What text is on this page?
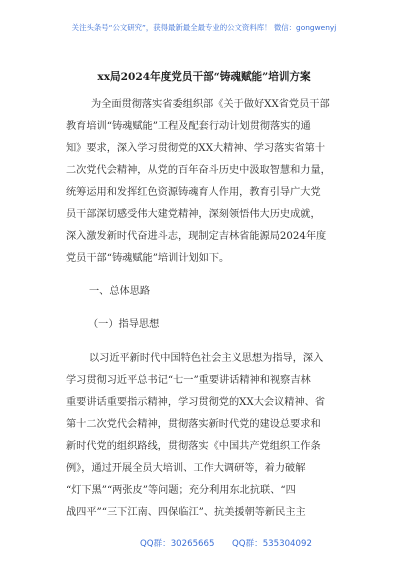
关注头条号“公文研究”，获得最新最全最专业的公文资料库！ 微信：gongwenyj
xx局2024年度党员干部“铸魂赋能”培训方案
为全面贯彻落实省委组织部《关于做好XX省党员干部
教育培训“铸魂赋能”工程及配套行动计划贯彻落实的通
知》要求，深入学习贯彻党的XX大精神、学习落实省第十
二次党代会精神，从党的百年奋斗历史中汲取智慧和力量，
统筹运用和发挥红色资源铸魂育人作用，教育引导广大党
员干部深切感受伟大建党精神，深刻领悟伟大历史成就，
深入激发新时代奋进斗志，现制定吉林省能源局2024年度
党员干部“铸魂赋能”培训计划如下。
一、总体思路
（一）指导思想
以习近平新时代中国特色社会主义思想为指导，深入
学习贯彻习近平总书记“七一”重要讲话精神和视察吉林
重要讲话重要指示精神，学习贯彻党的XX大会议精神、省
第十二次党代会精神，贯彻落实新时代党的建设总要求和
新时代党的组织路线，贯彻落实《中国共产党组织工作条
例》，通过开展全员大培训、工作大调研等，着力破解
“灯下黑”“两张皮”等问题；充分利用东北抗联、“四
战四平”“三下江南、四保临江”、抗美援朝等新民主主
QQ群：30265665 QQ群：535304092
